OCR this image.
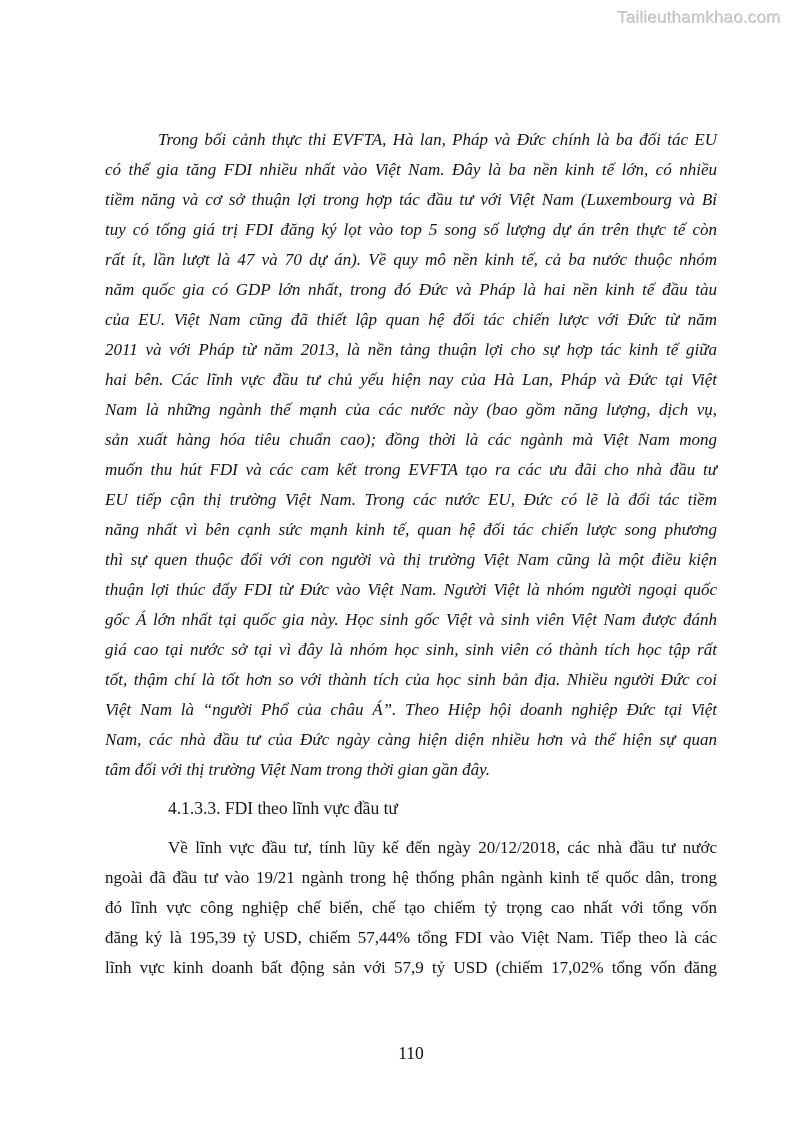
Tailieuthamkhao.com
Trong bối cảnh thực thi EVFTA, Hà lan, Pháp và Đức chính là ba đối tác EU
có thể gia tăng FDI nhiều nhất vào Việt Nam. Đây là ba nền kinh tế lớn, có nhiều
tiềm năng và cơ sở thuận lợi trong hợp tác đầu tư với Việt Nam (Luxembourg và Bỉ
tuy có tổng giá trị FDI đăng ký lọt vào top 5 song số lượng dự án trên thực tế còn
rất ít, lần lượt là 47 và 70 dự án). Về quy mô nền kinh tế, cả ba nước thuộc nhóm
năm quốc gia có GDP lớn nhất, trong đó Đức và Pháp là hai nền kinh tế đầu tàu
của EU. Việt Nam cũng đã thiết lập quan hệ đối tác chiến lược với Đức từ năm
2011 và với Pháp từ năm 2013, là nền tảng thuận lợi cho sự hợp tác kinh tế giữa
hai bên. Các lĩnh vực đầu tư chủ yếu hiện nay của Hà Lan, Pháp và Đức tại Việt
Nam là những ngành thế mạnh của các nước này (bao gồm năng lượng, dịch vụ,
sản xuất hàng hóa tiêu chuẩn cao); đồng thời là các ngành mà Việt Nam mong
muốn thu hút FDI và các cam kết trong EVFTA tạo ra các ưu đãi cho nhà đầu tư
EU tiếp cận thị trường Việt Nam. Trong các nước EU, Đức có lẽ là đối tác tiềm
năng nhất vì bên cạnh sức mạnh kinh tế, quan hệ đối tác chiến lược song phương
thì sự quen thuộc đối với con người và thị trường Việt Nam cũng là một điều kiện
thuận lợi thúc đẩy FDI từ Đức vào Việt Nam. Người Việt là nhóm người ngoại quốc
gốc Á lớn nhất tại quốc gia này. Học sinh gốc Việt và sinh viên Việt Nam được đánh
giá cao tại nước sở tại vì đây là nhóm học sinh, sinh viên có thành tích học tập rất
tốt, thậm chí là tốt hơn so với thành tích của học sinh bản địa. Nhiều người Đức coi
Việt Nam là “người Phổ của châu Á”. Theo Hiệp hội doanh nghiệp Đức tại Việt
Nam, các nhà đầu tư của Đức ngày càng hiện diện nhiều hơn và thể hiện sự quan
tâm đối với thị trường Việt Nam trong thời gian gần đây.
4.1.3.3. FDI theo lĩnh vực đầu tư
Về lĩnh vực đầu tư, tính lũy kế đến ngày 20/12/2018, các nhà đầu tư nước
ngoài đã đầu tư vào 19/21 ngành trong hệ thống phân ngành kinh tế quốc dân, trong
đó lĩnh vực công nghiệp chế biến, chế tạo chiếm tỷ trọng cao nhất với tổng vốn
đăng ký là 195,39 tỷ USD, chiếm 57,44% tổng FDI vào Việt Nam. Tiếp theo là các
lĩnh vực kinh doanh bất động sản với 57,9 tỷ USD (chiếm 17,02% tổng vốn đăng
110
